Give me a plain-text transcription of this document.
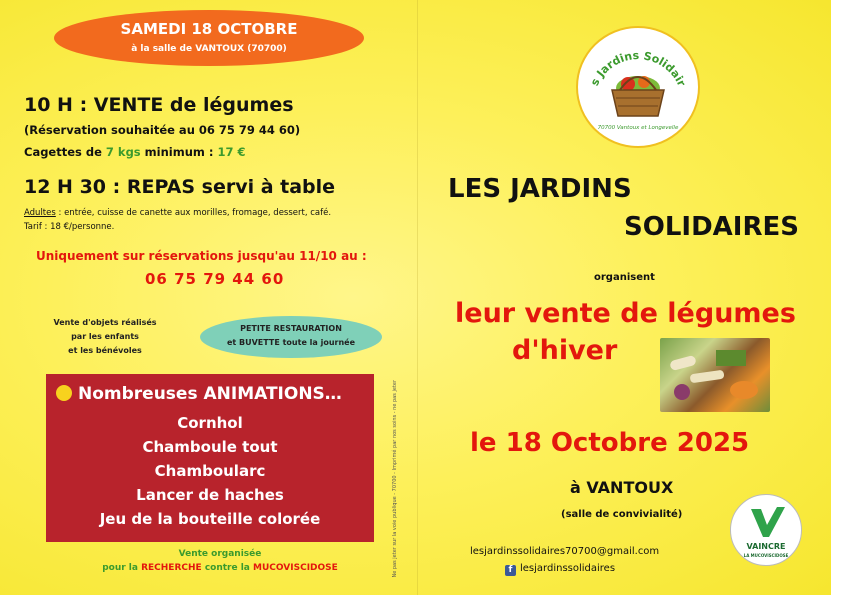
SAMEDI 18 OCTOBRE
à la salle de VANTOUX (70700)
10 H : VENTE de légumes
(Réservation souhaitée au 06 75 79 44 60)
Cagettes de 7 kgs minimum : 17 €
12 H 30 : REPAS servi à table
Adultes : entrée, cuisse de canette aux morilles, fromage, dessert, café.
Tarif : 18 €/personne.
Uniquement sur réservations jusqu'au 11/10 au :
06 75 79 44 60
Vente d'objets réalisés
par les enfants
et les bénévoles
PETITE RESTAURATION
et BUVETTE toute la journée
Nombreuses ANIMATIONS…
Cornhol
Chamboule tout
Chamboularc
Lancer de haches
Jeu de la bouteille colorée
Vente organisée
pour la RECHERCHE contre la MUCOVISCIDOSE	Ne pas jeter sur la voie publique - 70700 - Imprimé par nos soins - ne pas jeter
s Jardins Solidair
70700 Vantoux et Longevelle
LES JARDINS
SOLIDAIRES
organisent
leur vente de légumes
d'hiver
le 18 Octobre 2025
à VANTOUX
(salle de convivialité)
lesjardinssolidaires70700@gmail.com
f lesjardinssolidaires
VAINCRE
LA MUCOVISCIDOSE
